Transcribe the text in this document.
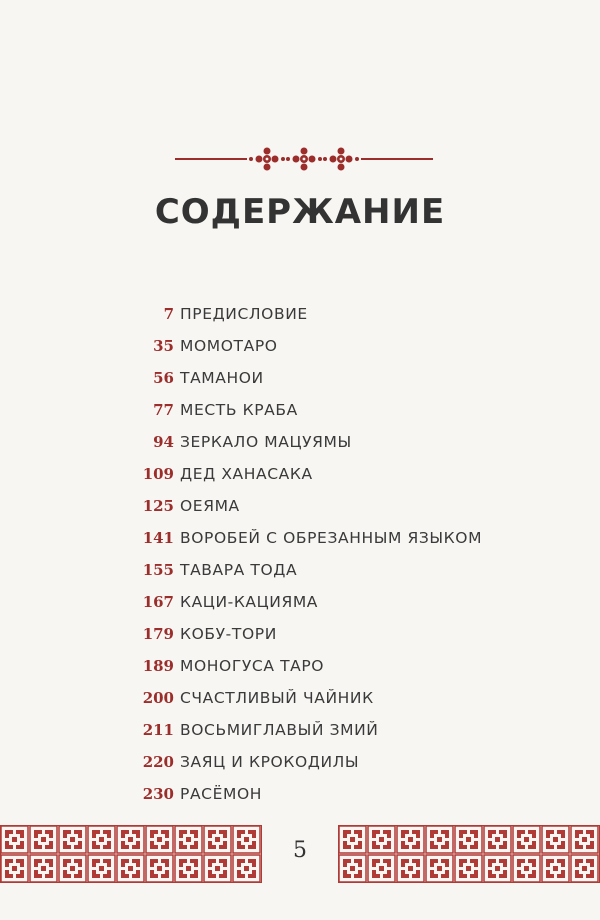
СОДЕРЖАНИЕ
7 ПРЕДИСЛОВИЕ
35 МОМОТАРО
56 ТАМАНОИ
77 МЕСТЬ КРАБА
94 ЗЕРКАЛО МАЦУЯМЫ
109 ДЕД ХАНАСАКА
125 ОЕЯМА
141 ВОРОБЕЙ С ОБРЕЗАННЫМ ЯЗЫКОМ
155 ТАВАРА ТОДА
167 КАЦИ-КАЦИЯМА
179 КОБУ-ТОРИ
189 МОНОГУСА ТАРО
200 СЧАСТЛИВЫЙ ЧАЙНИК
211 ВОСЬМИГЛАВЫЙ ЗМИЙ
220 ЗАЯЦ И КРОКОДИЛЫ
230 РАСЁМОН
5
